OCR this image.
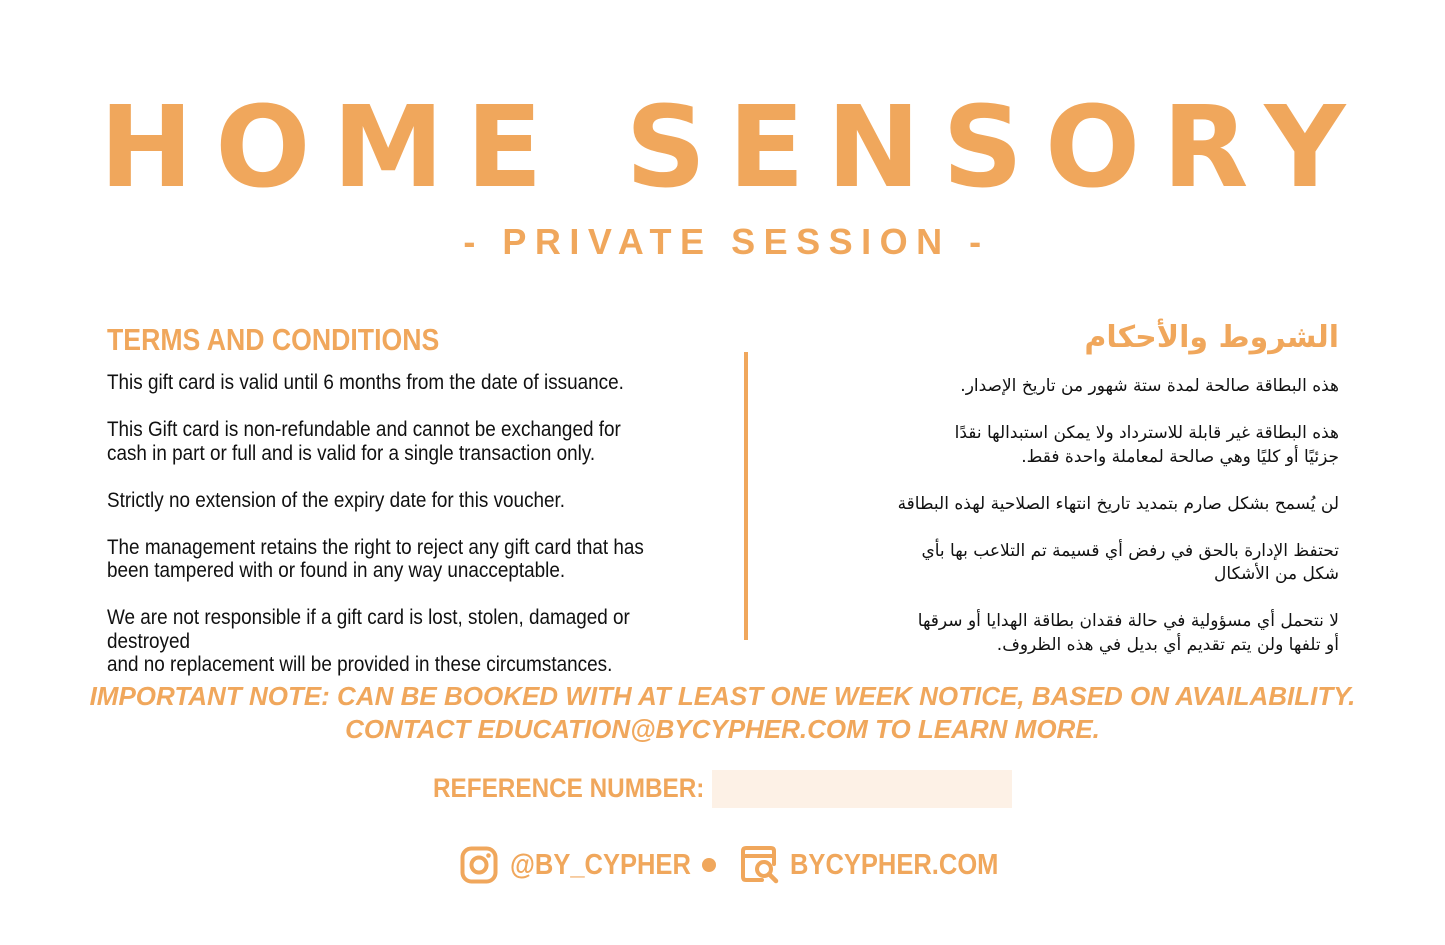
HOME SENSORY
- PRIVATE SESSION -
TERMS AND CONDITIONS

This gift card is valid until 6 months from the date of issuance.

This Gift card is non-refundable and cannot be exchanged for
cash in part or full and is valid for a single transaction only.

Strictly no extension of the expiry date for this voucher.

The management retains the right to reject any gift card that has
been tampered with or found in any way unacceptable.

We are not responsible if a gift card is lost, stolen, damaged or destroyed
and no replacement will be provided in these circumstances.

الشروط والأحكام

هذه البطاقة صالحة لمدة ستة شهور من تاريخ الإصدار.

هذه البطاقة غير قابلة للاسترداد ولا يمكن استبدالها نقدًا
جزئيًا أو كليًا وهي صالحة لمعاملة واحدة فقط.

لن يُسمح بشكل صارم بتمديد تاريخ انتهاء الصلاحية لهذه البطاقة

تحتفظ الإدارة بالحق في رفض أي قسيمة تم التلاعب بها بأي
شكل من الأشكال

لا نتحمل أي مسؤولية في حالة فقدان بطاقة الهدايا أو سرقها
أو تلفها ولن يتم تقديم أي بديل في هذه الظروف.

IMPORTANT NOTE: CAN BE BOOKED WITH AT LEAST ONE WEEK NOTICE, BASED ON AVAILABILITY.
CONTACT EDUCATION@BYCYPHER.COM TO LEARN MORE.
REFERENCE NUMBER:
@BY_CYPHER	BYCYPHER.COM
